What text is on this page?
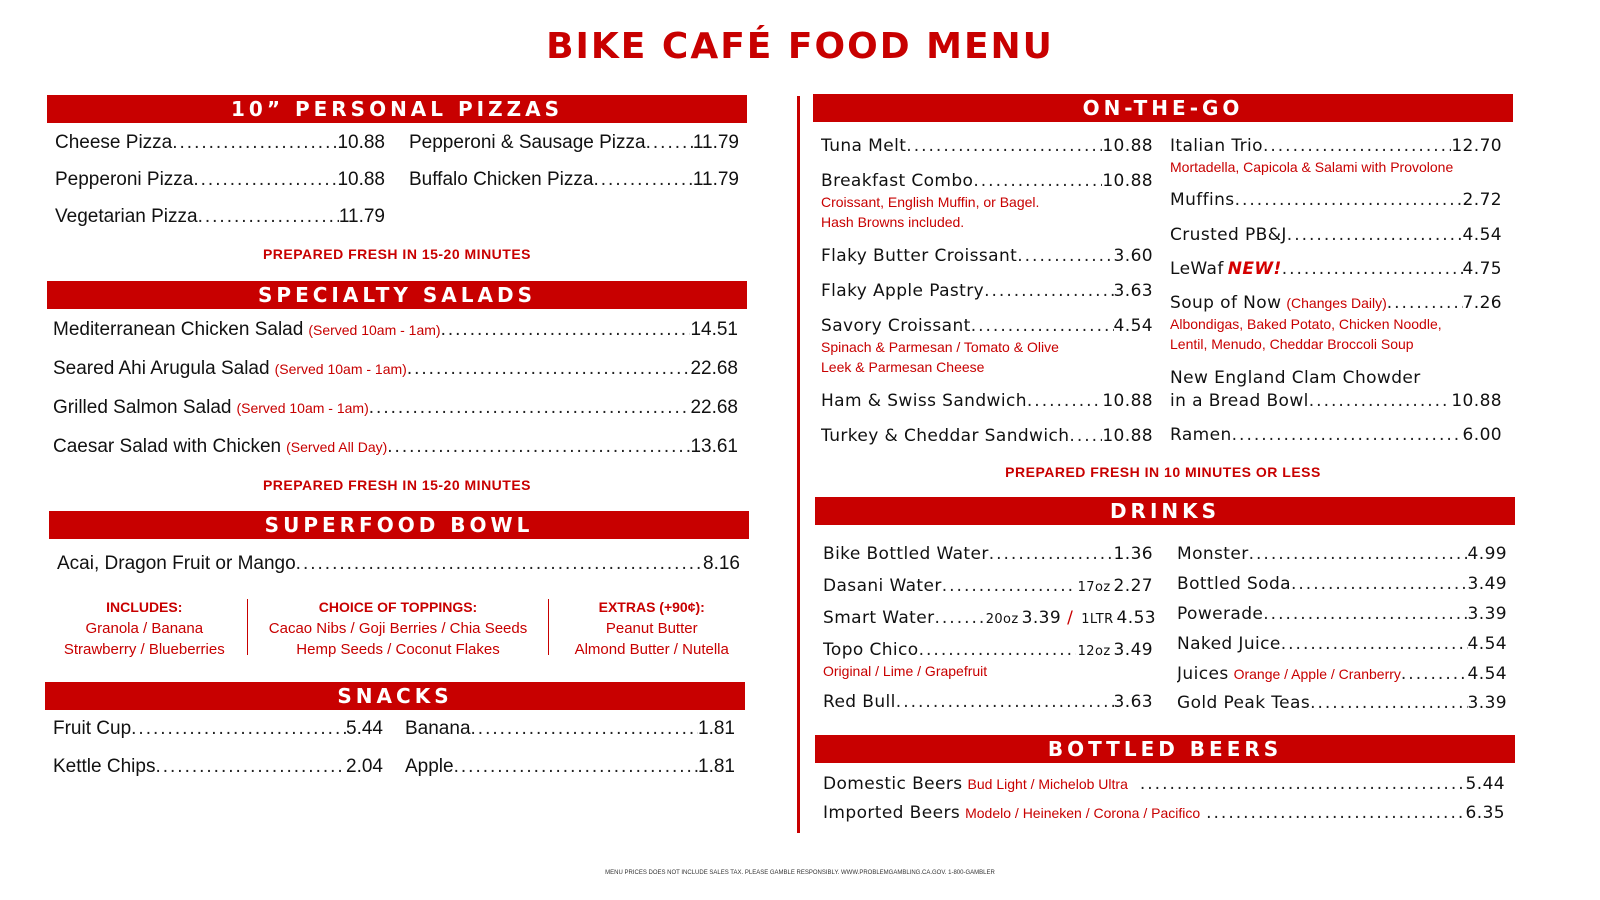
BIKE CAFÉ FOOD MENU
10” PERSONAL PIZZAS
Cheese Pizza .....	10.88
Pepperoni Pizza .....	10.88
Vegetarian Pizza .....	11.79
Pepperoni & Sausage Pizza ..... 11.79
Buffalo Chicken Pizza .....	11.79
PREPARED FRESH IN 15-20 MINUTES
SPECIALTY SALADS
Mediterranean Chicken Salad (Served 10am - 1am) .....	14.51
Seared Ahi Arugula Salad (Served 10am - 1am) .....	22.68
Grilled Salmon Salad (Served 10am - 1am) .....	22.68
Caesar Salad with Chicken (Served All Day) .....	13.61
PREPARED FRESH IN 15-20 MINUTES
SUPERFOOD BOWL
Acai, Dragon Fruit or Mango .....	8.16
INCLUDES:
Granola / Banana
Strawberry / Blueberries
CHOICE OF TOPPINGS:
Cacao Nibs / Goji Berries / Chia Seeds
Hemp Seeds / Coconut Flakes
EXTRAS (+90¢):
Peanut Butter
Almond Butter / Nutella
SNACKS
Fruit Cup .....	5.44
Kettle Chips .....	2.04
Banana .....	1.81
Apple .....	1.81
ON-THE-GO
Tuna Melt .....	10.88
Breakfast Combo .....	10.88
Croissant, English Muffin, or Bagel.
Hash Browns included.
Flaky Butter Croissant .....	3.60
Flaky Apple Pastry .....	3.63
Savory Croissant .....	4.54
Spinach & Parmesan / Tomato & Olive
Leek & Parmesan Cheese
Ham & Swiss Sandwich .....	10.88
Turkey & Cheddar Sandwich ..... 10.88
Italian Trio .....	12.70
Mortadella, Capicola & Salami with Provolone
Muffins .....	2.72
Crusted PB&J .....	4.54
LeWaf NEW! .....	4.75
Soup of Now (Changes Daily) .....	7.26
Albondigas, Baked Potato, Chicken Noodle,
Lentil, Menudo, Cheddar Broccoli Soup
New England Clam Chowder
in a Bread Bowl .....	10.88
Ramen .....	6.00
PREPARED FRESH IN 10 MINUTES OR LESS
DRINKS
Bike Bottled Water .....	1.36
Dasani Water .....	17oz 2.27
Smart Water .....	20oz 3.39 / 1LTR 4.53
Topo Chico .....	12oz 3.49
Original / Lime / Grapefruit
Red Bull .....	3.63
Monster .....	4.99
Bottled Soda .....	3.49
Powerade .....	3.39
Naked Juice .....	4.54
Juices Orange / Apple / Cranberry .....	4.54
Gold Peak Teas .....	3.39
BOTTLED BEERS
Domestic Beers Bud Light / Michelob Ultra .....	5.44
Imported Beers Modelo / Heineken / Corona / Pacifico .....	6.35
MENU PRICES DOES NOT INCLUDE SALES TAX. PLEASE GAMBLE RESPONSIBLY. WWW.PROBLEMGAMBLING.CA.GOV. 1-800-GAMBLER
